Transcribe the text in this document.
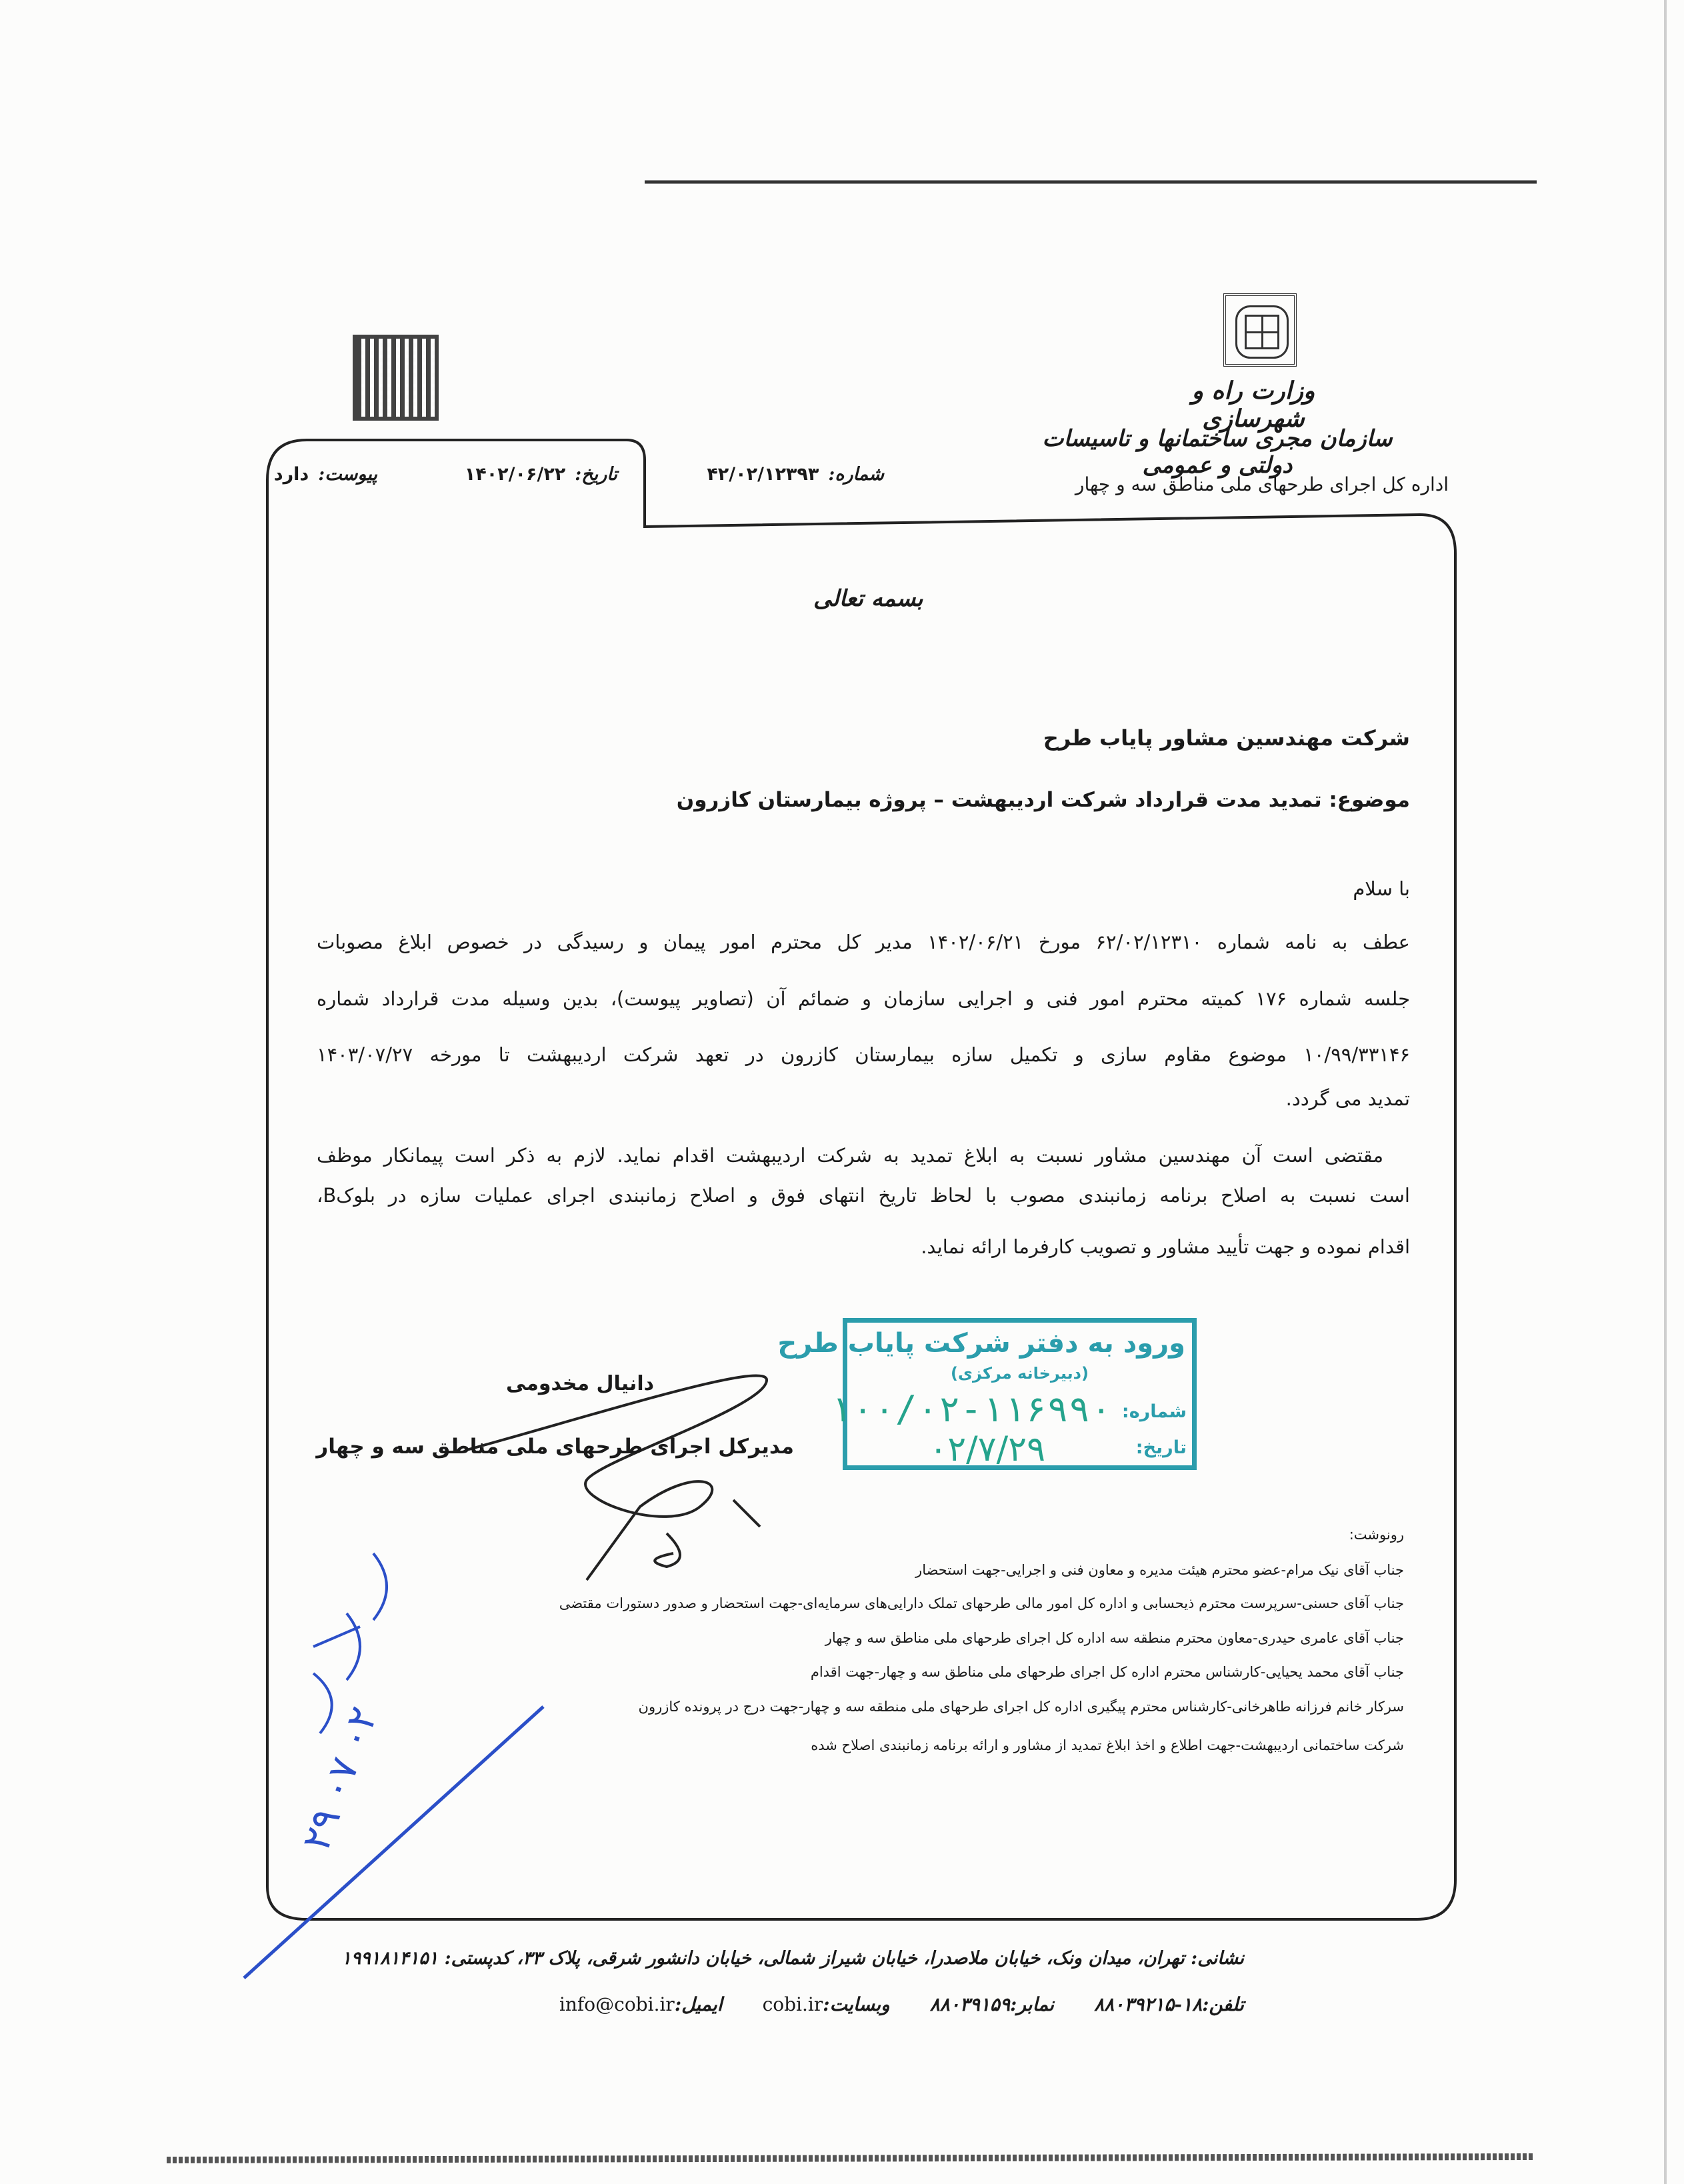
۲۹ ۰۷ ۰۲
وزارت راه و شهرسازی
سازمان مجری ساختمانها و تاسیسات دولتی و عمومی
اداره کل اجرای طرحهای ملی مناطق سه و چهار
شماره:۴۲/۰۲/۱۲۳۹۳
تاریخ:۱۴۰۲/۰۶/۲۲
پیوست:دارد
بسمه تعالی
شرکت مهندسین مشاور پایاب طرح
موضوع: تمدید مدت قرارداد شرکت اردیبهشت – پروژه بیمارستان کازرون
با سلام
عطف به نامه شماره ۶۲/۰۲/۱۲۳۱۰ مورخ ۱۴۰۲/۰۶/۲۱ مدیر کل محترم امور پیمان و رسیدگی در خصوص ابلاغ مصوبات
جلسه شماره ۱۷۶ کمیته محترم امور فنی و اجرایی سازمان و ضمائم آن (تصاویر پیوست)، بدین وسیله مدت قرارداد شماره
۱۰/۹۹/۳۳۱۴۶ موضوع مقاوم سازی و تکمیل سازه بیمارستان کازرون در تعهد شرکت اردیبهشت تا مورخه ۱۴۰۳/۰۷/۲۷
تمدید می گردد.
مقتضی است آن مهندسین مشاور نسبت به ابلاغ تمدید به شرکت اردیبهشت اقدام نماید. لازم به ذکر است پیمانکار موظف
است نسبت به اصلاح برنامه زمانبندی مصوب با لحاظ تاریخ انتهای فوق و اصلاح زمانبندی اجرای عملیات سازه در بلوکB،
اقدام نموده و جهت تأیید مشاور و تصویب کارفرما ارائه نماید.
ورود به دفتر شرکت پایاب طرح
(دبیرخانه مرکزی)
شماره:
۱۰۰/۰۲-۱۱۶۹۹۰
تاریخ:
۰۲/۷/۲۹
دانیال مخدومی
مدیرکل اجرای طرحهای ملی مناطق سه و چهار
رونوشت:
جناب آقای نیک مرام-عضو محترم هیئت مدیره و معاون فنی و اجرایی-جهت استحضار
جناب آقای حسنی-سرپرست محترم ذیحسابی و اداره کل امور مالی طرحهای تملک دارایی‌های سرمایه‌ای-جهت استحضار و صدور دستورات مقتضی
جناب آقای عامری حیدری-معاون محترم منطقه سه اداره کل اجرای طرحهای ملی مناطق سه و چهار
جناب آقای محمد یحیایی-کارشناس محترم اداره کل اجرای طرحهای ملی مناطق سه و چهار-جهت اقدام
سرکار خانم فرزانه طاهرخانی-کارشناس محترم پیگیری اداره کل اجرای طرحهای ملی منطقه سه و چهار-جهت درج در پرونده کازرون
شرکت ساختمانی اردیبهشت-جهت اطلاع و اخذ ابلاغ تمدید از مشاور و ارائه برنامه زمانبندی اصلاح شده
نشانی: تهران، میدان ونک، خیابان ملاصدرا، خیابان شیراز شمالی، خیابان دانشور شرقی، پلاک ۳۳، کدپستی: ۱۹۹۱۸۱۴۱۵۱
تلفن:۱۸-۸۸۰۳۹۲۱۵
نمابر:۸۸۰۳۹۱۵۹
وبسایت:cobi.ir
ایمیل:info@cobi.ir
